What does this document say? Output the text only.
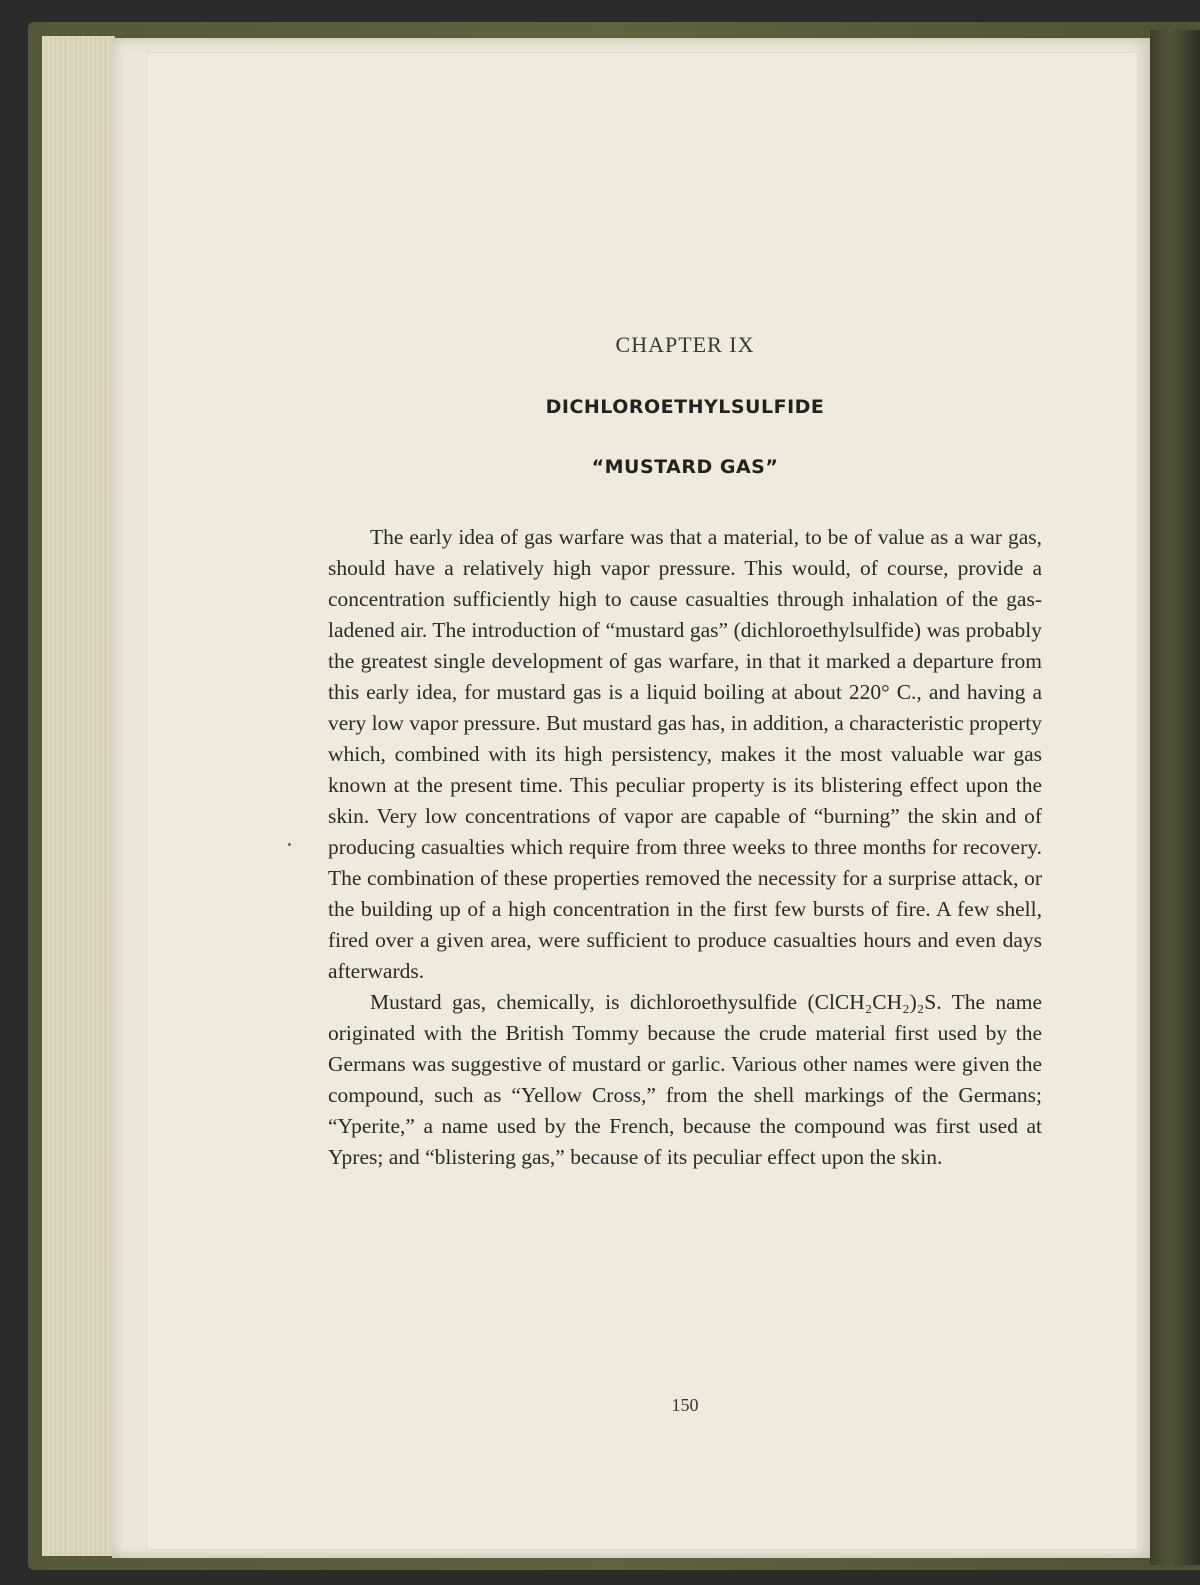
CHAPTER IX

DICHLOROETHYLSULFIDE

“MUSTARD GAS”

The early idea of gas warfare was that a material, to be of value as a war gas, should have a relatively high vapor pressure. This would, of course, provide a concentration sufficiently high to cause casualties through inhalation of the gas-ladened air. The introduction of “mustard gas” (dichloroethylsulfide) was probably the greatest single development of gas warfare, in that it marked a departure from this early idea, for mustard gas is a liquid boiling at about 220° C., and having a very low vapor pressure. But mustard gas has, in addition, a characteristic property which, combined with its high persistency, makes it the most valuable war gas known at the present time. This peculiar property is its blistering effect upon the skin. Very low concentrations of vapor are capable of “burning” the skin and of producing casualties which require from three weeks to three months for recovery. The combination of these properties removed the necessity for a surprise attack, or the building up of a high concentration in the first few bursts of fire. A few shell, fired over a given area, were sufficient to produce casualties hours and even days afterwards.

Mustard gas, chemically, is dichloroethysulfide (ClCH₂CH₂)₂S. The name originated with the British Tommy because the crude material first used by the Germans was suggestive of mustard or garlic. Various other names were given the compound, such as “Yellow Cross,” from the shell markings of the Germans; “Yperite,” a name used by the French, because the compound was first used at Ypres; and “blistering gas,” because of its peculiar effect upon the skin.

150
